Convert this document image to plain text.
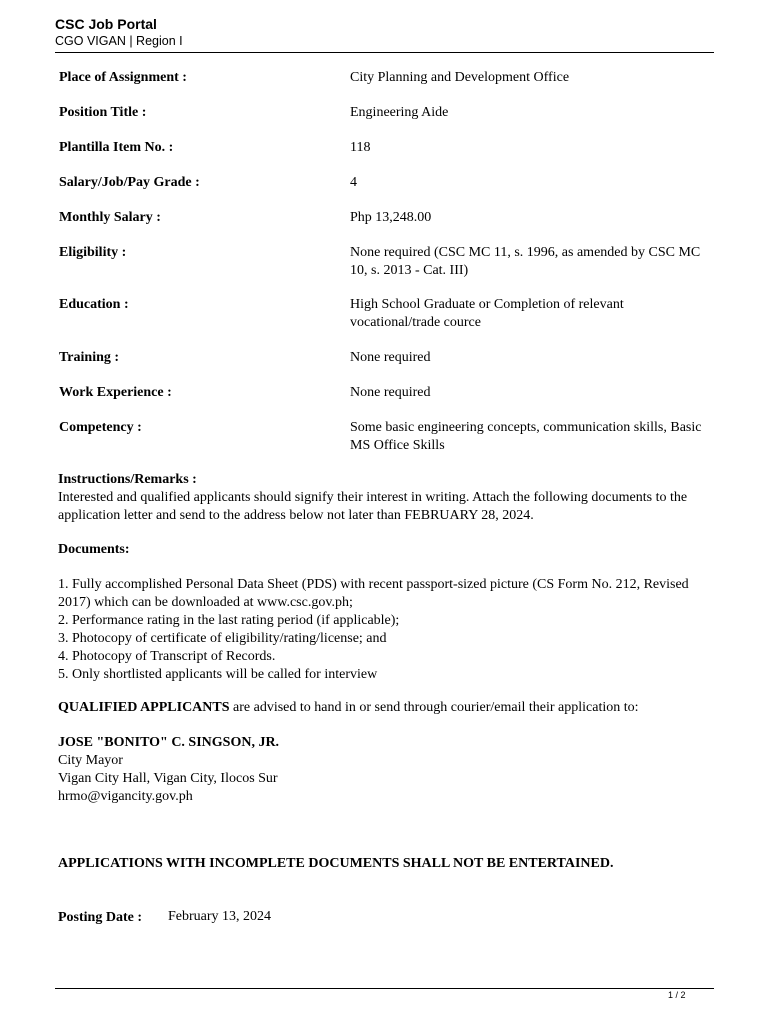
CSC Job Portal
CGO VIGAN | Region I
Place of Assignment :	City Planning and Development Office
Position Title :	Engineering Aide
Plantilla Item No. :	118
Salary/Job/Pay Grade :	4
Monthly Salary :	Php 13,248.00
Eligibility :	None required (CSC MC 11, s. 1996, as amended by CSC MC 10, s. 2013 - Cat. III)
Education :	High School Graduate or Completion of relevant vocational/trade cource
Training :	None required
Work Experience :	None required
Competency :	Some basic engineering concepts, communication skills, Basic MS Office Skills

Instructions/Remarks :

Interested and qualified applicants should signify their interest in writing. Attach the following documents to the application letter and send to the address below not later than FEBRUARY 28, 2024.

Documents:

1. Fully accomplished Personal Data Sheet (PDS) with recent passport-sized picture (CS Form No. 212, Revised 2017) which can be downloaded at www.csc.gov.ph;

2. Performance rating in the last rating period (if applicable);

3. Photocopy of certificate of eligibility/rating/license; and

4. Photocopy of Transcript of Records.

5. Only shortlisted applicants will be called for interview

QUALIFIED APPLICANTS are advised to hand in or send through courier/email their application to:

JOSE "BONITO" C. SINGSON, JR.

City Mayor

Vigan City Hall, Vigan City, Ilocos Sur

hrmo@vigancity.gov.ph

APPLICATIONS WITH INCOMPLETE DOCUMENTS SHALL NOT BE ENTERTAINED.
Posting Date : February 13, 2024
1 / 2
